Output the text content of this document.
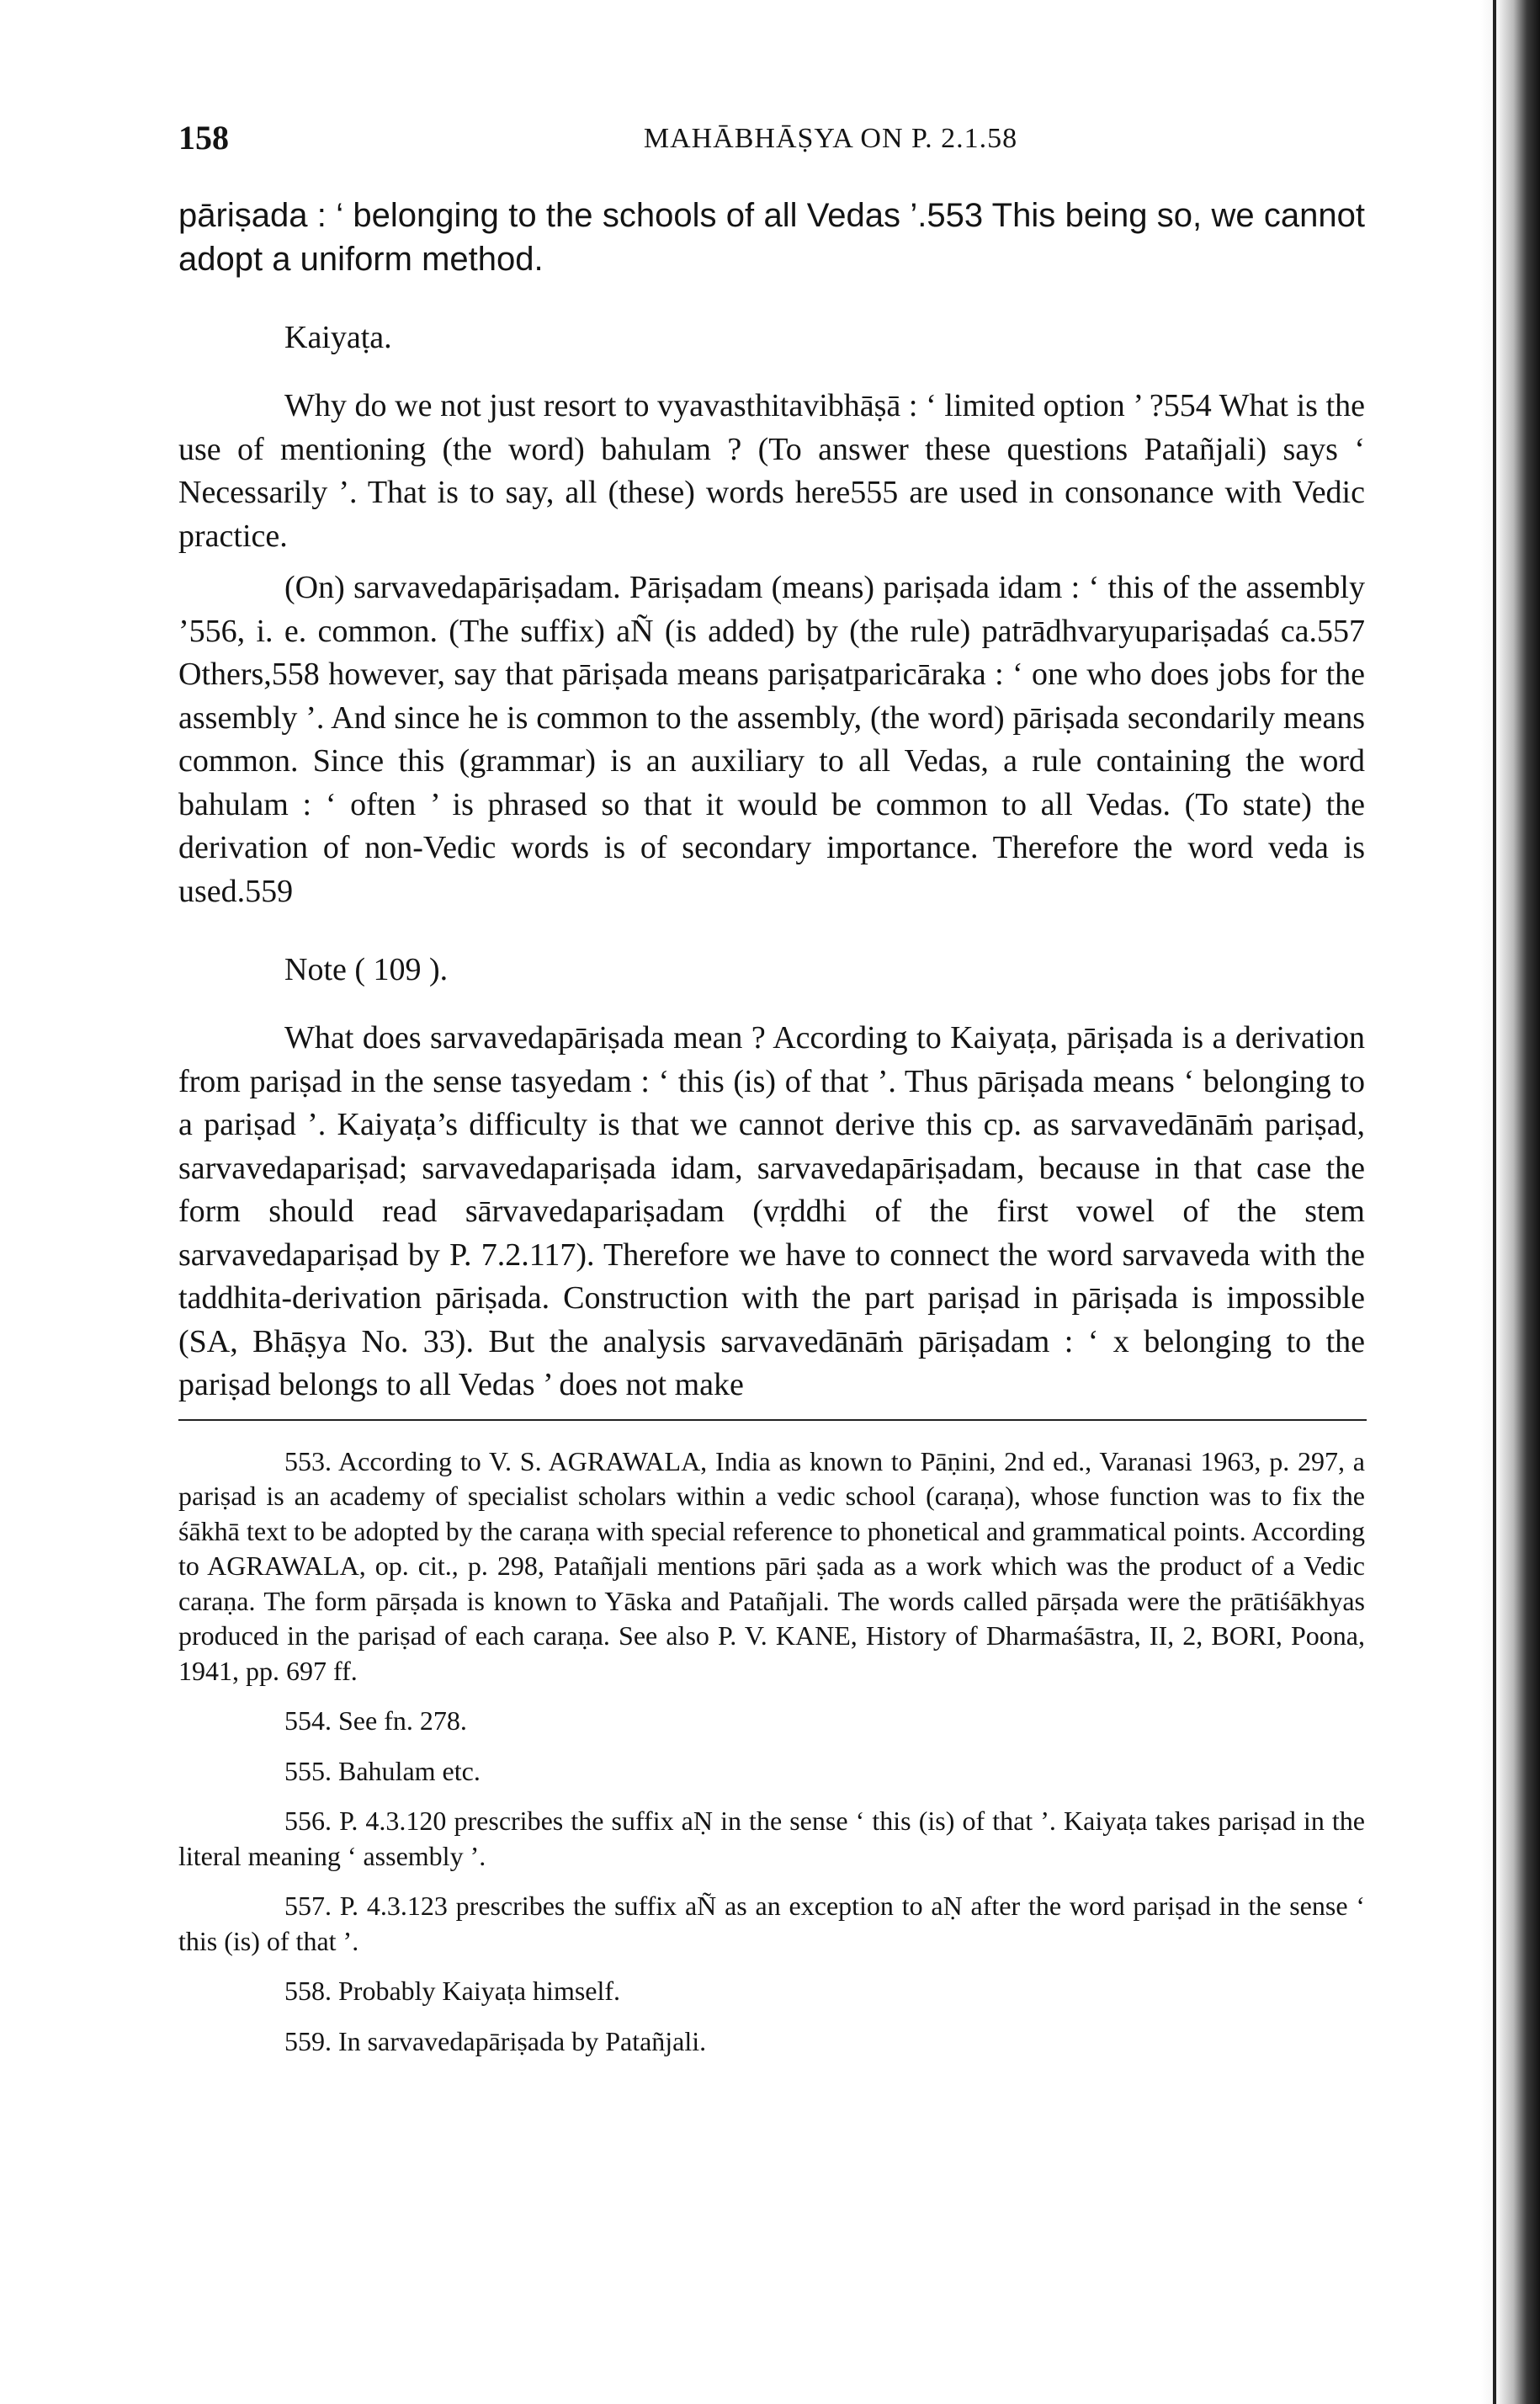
158	MAHĀBHĀṢYA ON P. 2.1.58

pāriṣada : ‘ belonging to the schools of all Vedas ’.553 This being so, we cannot adopt a uniform method.

Kaiyaṭa.

Why do we not just resort to vyavasthitavibhāṣā : ‘ limited option ’ ?554 What is the use of mentioning (the word) bahulam ? (To answer these questions Patañjali) says ‘ Necessarily ’. That is to say, all (these) words here555 are used in consonance with Vedic practice.

(On) sarvavedapāriṣadam. Pāriṣadam (means) pariṣada idam : ‘ this of the assembly ’556, i. e. common. (The suffix) aÑ (is added) by (the rule) patrādhvaryupariṣadaś ca.557 Others,558 however, say that pāriṣada means pariṣatparicāraka : ‘ one who does jobs for the assembly ’. And since he is common to the assembly, (the word) pāriṣada secondarily means common. Since this (grammar) is an auxiliary to all Vedas, a rule containing the word bahulam : ‘ often ’ is phrased so that it would be common to all Vedas. (To state) the derivation of non-Vedic words is of secondary importance. Therefore the word veda is used.559

Note ( 109 ).

What does sarvavedapāriṣada mean ? According to Kaiyaṭa, pāriṣada is a derivation from pariṣad in the sense tasyedam : ‘ this (is) of that ’. Thus pāriṣada means ‘ belonging to a pariṣad ’. Kaiyaṭa’s difficulty is that we cannot derive this cp. as sarvavedānāṁ pariṣad, sarvavedapariṣad; sarvavedapariṣada idam, sarvavedapāriṣadam, because in that case the form should read sārvavedapariṣadam (vṛddhi of the first vowel of the stem sarvavedapariṣad by P. 7.2.117). Therefore we have to connect the word sarvaveda with the taddhita-derivation pāriṣada. Construction with the part pariṣad in pāriṣada is impossible (SA, Bhāṣya No. 33). But the analysis sarvavedānāṁ pāriṣadam : ‘ x belonging to the pariṣad belongs to all Vedas ’ does not make

553. According to V. S. AGRAWALA, India as known to Pāṇini, 2nd ed., Varanasi 1963, p. 297, a pariṣad is an academy of specialist scholars within a vedic school (caraṇa), whose function was to fix the śākhā text to be adopted by the caraṇa with special reference to phonetical and grammatical points. According to AGRAWALA, op. cit., p. 298, Patañjali mentions pāri ṣada as a work which was the product of a Vedic caraṇa. The form pārṣada is known to Yāska and Patañjali. The words called pārṣada were the prātiśākhyas produced in the pariṣad of each caraṇa. See also P. V. KANE, History of Dharmaśāstra, II, 2, BORI, Poona, 1941, pp. 697 ff.

554. See fn. 278.

555. Bahulam etc.

556. P. 4.3.120 prescribes the suffix aṆ in the sense ‘ this (is) of that ’. Kaiyaṭa takes pariṣad in the literal meaning ‘ assembly ’.

557. P. 4.3.123 prescribes the suffix aÑ as an exception to aṆ after the word pariṣad in the sense ‘ this (is) of that ’.

558. Probably Kaiyaṭa himself.

559. In sarvavedapāriṣada by Patañjali.
